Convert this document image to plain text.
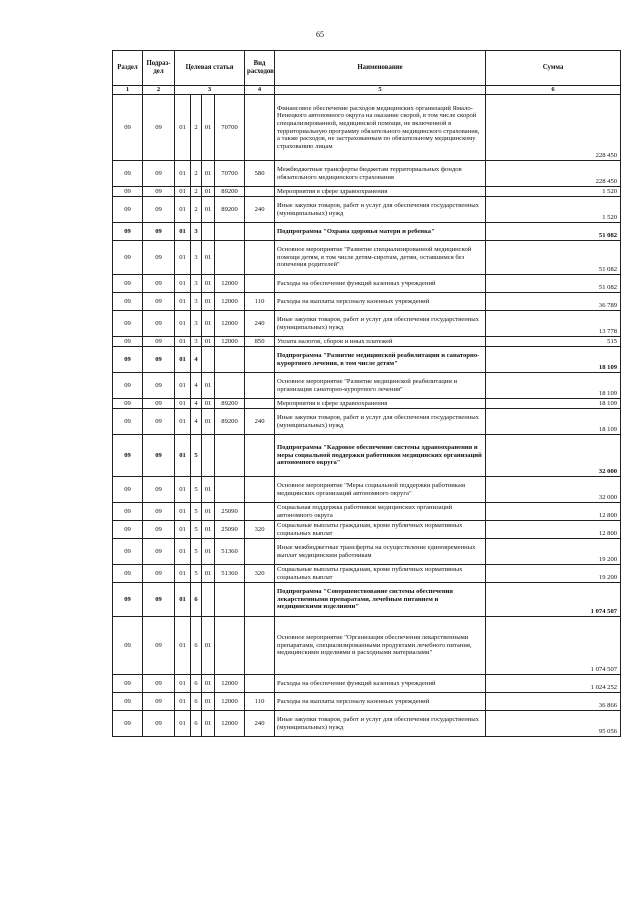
65
Раздел	Подраз-дел	Целевая статья				Вид расходов	Наименование	Сумма
1	2	3				4	5	6
09	09	01	2	01	70700		Финансовое обеспечение расходов медицинских организаций Ямало-Ненецкого автономного округа на оказание скорой, в том числе скорой специализированной, медицинской помощи, не включенной в территориальную программу обязательного медицинского страхования, а также расходов, не застрахованным по обязательному медицинскому страхованию лицам	228 450
09	09	01	2	01	70700	580	Межбюджетные трансферты бюджетам территориальных фондов обязательного медицинского страхования	228 450
09	09	01	2	01	89200		Мероприятия в сфере здравоохранения	1 520
09	09	01	2	01	89200	240	Иные закупки товаров, работ и услуг для обеспечения государственных (муниципальных) нужд	1 520
09	09	01	3				Подпрограмма "Охрана здоровья матери и ребенка"	51 082
09	09	01	3	01			Основное мероприятие "Развитие специализированной медицинской помощи детям, в том числе детям-сиротам, детям, оставшимся без попечения родителей"	51 082
09	09	01	3	01	12000		Расходы на обеспечение функций казенных учреждений	51 082
09	09	01	3	01	12000	110	Расходы на выплаты персоналу казенных учреждений	36 789
09	09	01	3	01	12000	240	Иные закупки товаров, работ и услуг для обеспечения государственных (муниципальных) нужд	13 778
09	09	01	3	01	12000	850	Уплата налогов, сборов и иных платежей	515
09	09	01	4				Подпрограмма "Развитие медицинской реабилитации и санаторно-курортного лечения, в том числе детям"	18 109
09	09	01	4	01			Основное мероприятие "Развитие медицинской реабилитации и организация санаторно-курортного лечения"	18 109
09	09	01	4	01	89200		Мероприятия в сфере здравоохранения	18 109
09	09	01	4	01	89200	240	Иные закупки товаров, работ и услуг для обеспечения государственных (муниципальных) нужд	18 109
09	09	01	5				Подпрограмма "Кадровое обеспечение системы здравоохранения и меры социальной поддержки работников медицинских организаций автономного округа"	32 000
09	09	01	5	01			Основное мероприятие "Меры социальной поддержки работникам медицинских организаций автономного округа"	32 000
09	09	01	5	01	25090		Социальная поддержка работников медицинских организаций автономного округа	12 800
09	09	01	5	01	25090	320	Социальные выплаты гражданам, кроме публичных нормативных социальных выплат	12 800
09	09	01	5	01	51360		Иные межбюджетные трансферты на осуществление единовременных выплат медицинским работникам	19 200
09	09	01	5	01	51360	320	Социальные выплаты гражданам, кроме публичных нормативных социальных выплат	19 200
09	09	01	6				Подпрограмма "Совершенствование системы обеспечения лекарственными препаратами, лечебным питанием и медицинскими изделиями"	1 074 507
09	09	01	6	01			Основное мероприятие "Организация обеспечения лекарственными препаратами, специализированными продуктами лечебного питания, медицинскими изделиями и расходными материалами"	1 074 507
09	09	01	6	01	12000		Расходы на обеспечение функций казенных учреждений	1 024 252
09	09	01	6	01	12000	110	Расходы на выплаты персоналу казенных учреждений	36 866
09	09	01	6	01	12000	240	Иные закупки товаров, работ и услуг для обеспечения государственных (муниципальных) нужд	95 056
